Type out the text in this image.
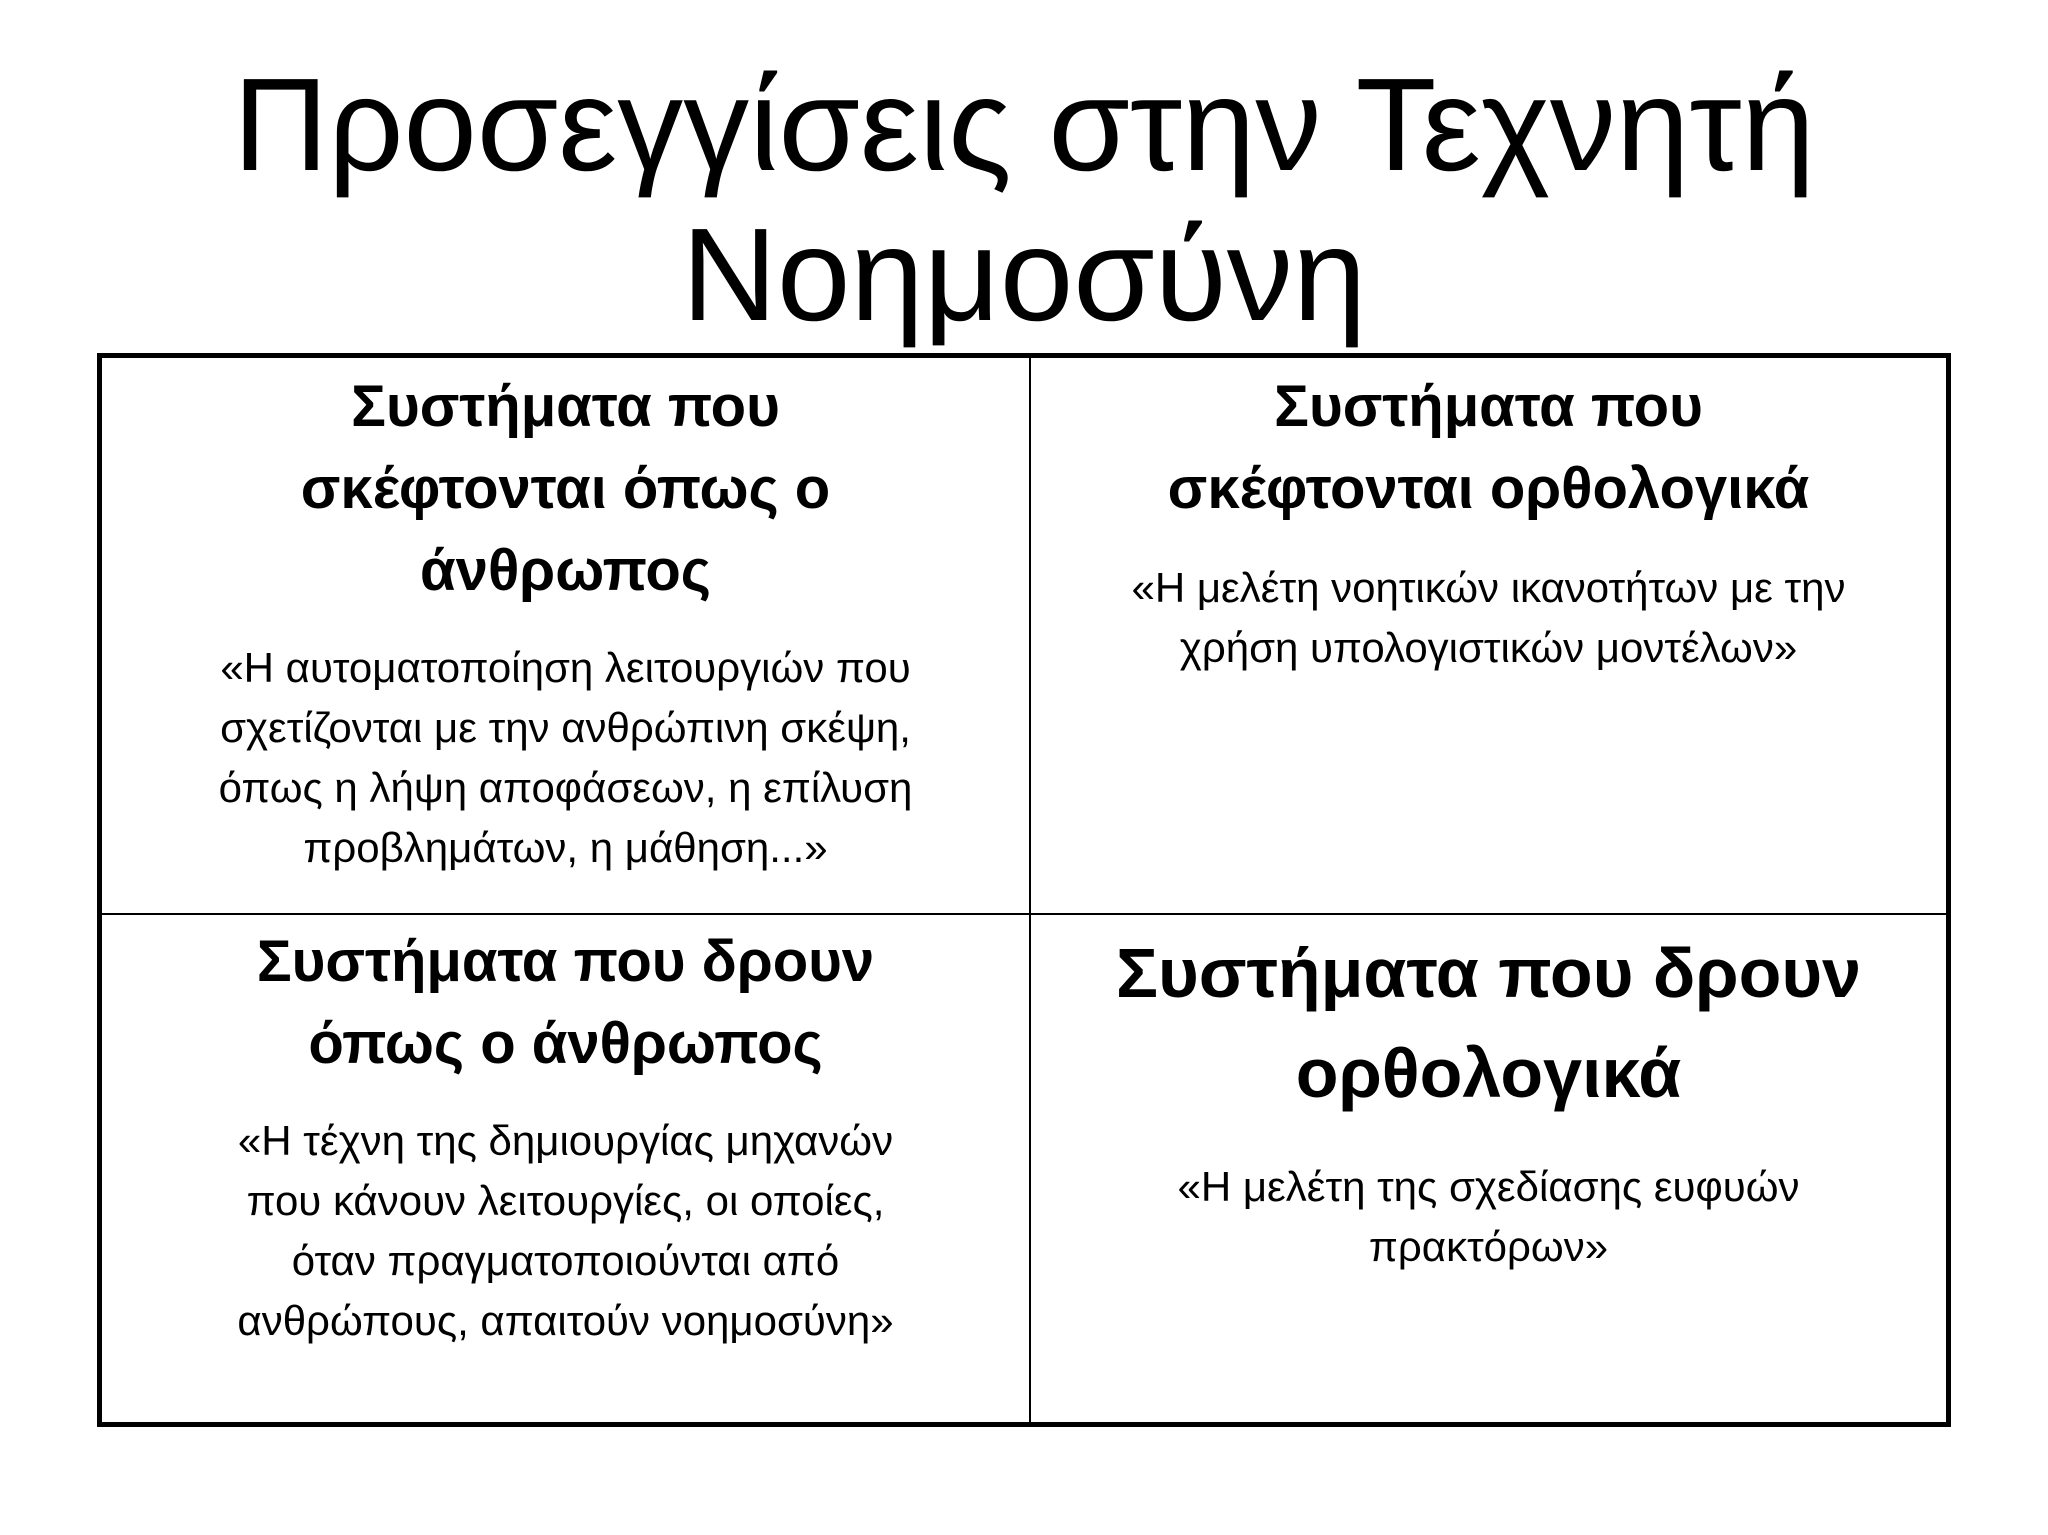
Προσεγγίσεις στην Τεχνητή
Νοημοσύνη

Συστήματα που
σκέφτονται όπως ο
άνθρωπος

«Η αυτοματοποίηση λειτουργιών που
σχετίζονται με την ανθρώπινη σκέψη,
όπως η λήψη αποφάσεων, η επίλυση
προβλημάτων, η μάθηση...»

Συστήματα που
σκέφτονται ορθολογικά

«Η μελέτη νοητικών ικανοτήτων με την
χρήση υπολογιστικών μοντέλων»

Συστήματα που δρουν
όπως ο άνθρωπος

«Η τέχνη της δημιουργίας μηχανών
που κάνουν λειτουργίες, οι οποίες,
όταν πραγματοποιούνται από
ανθρώπους, απαιτούν νοημοσύνη»

Συστήματα που δρουν
ορθολογικά

«Η μελέτη της σχεδίασης ευφυών
πρακτόρων»
